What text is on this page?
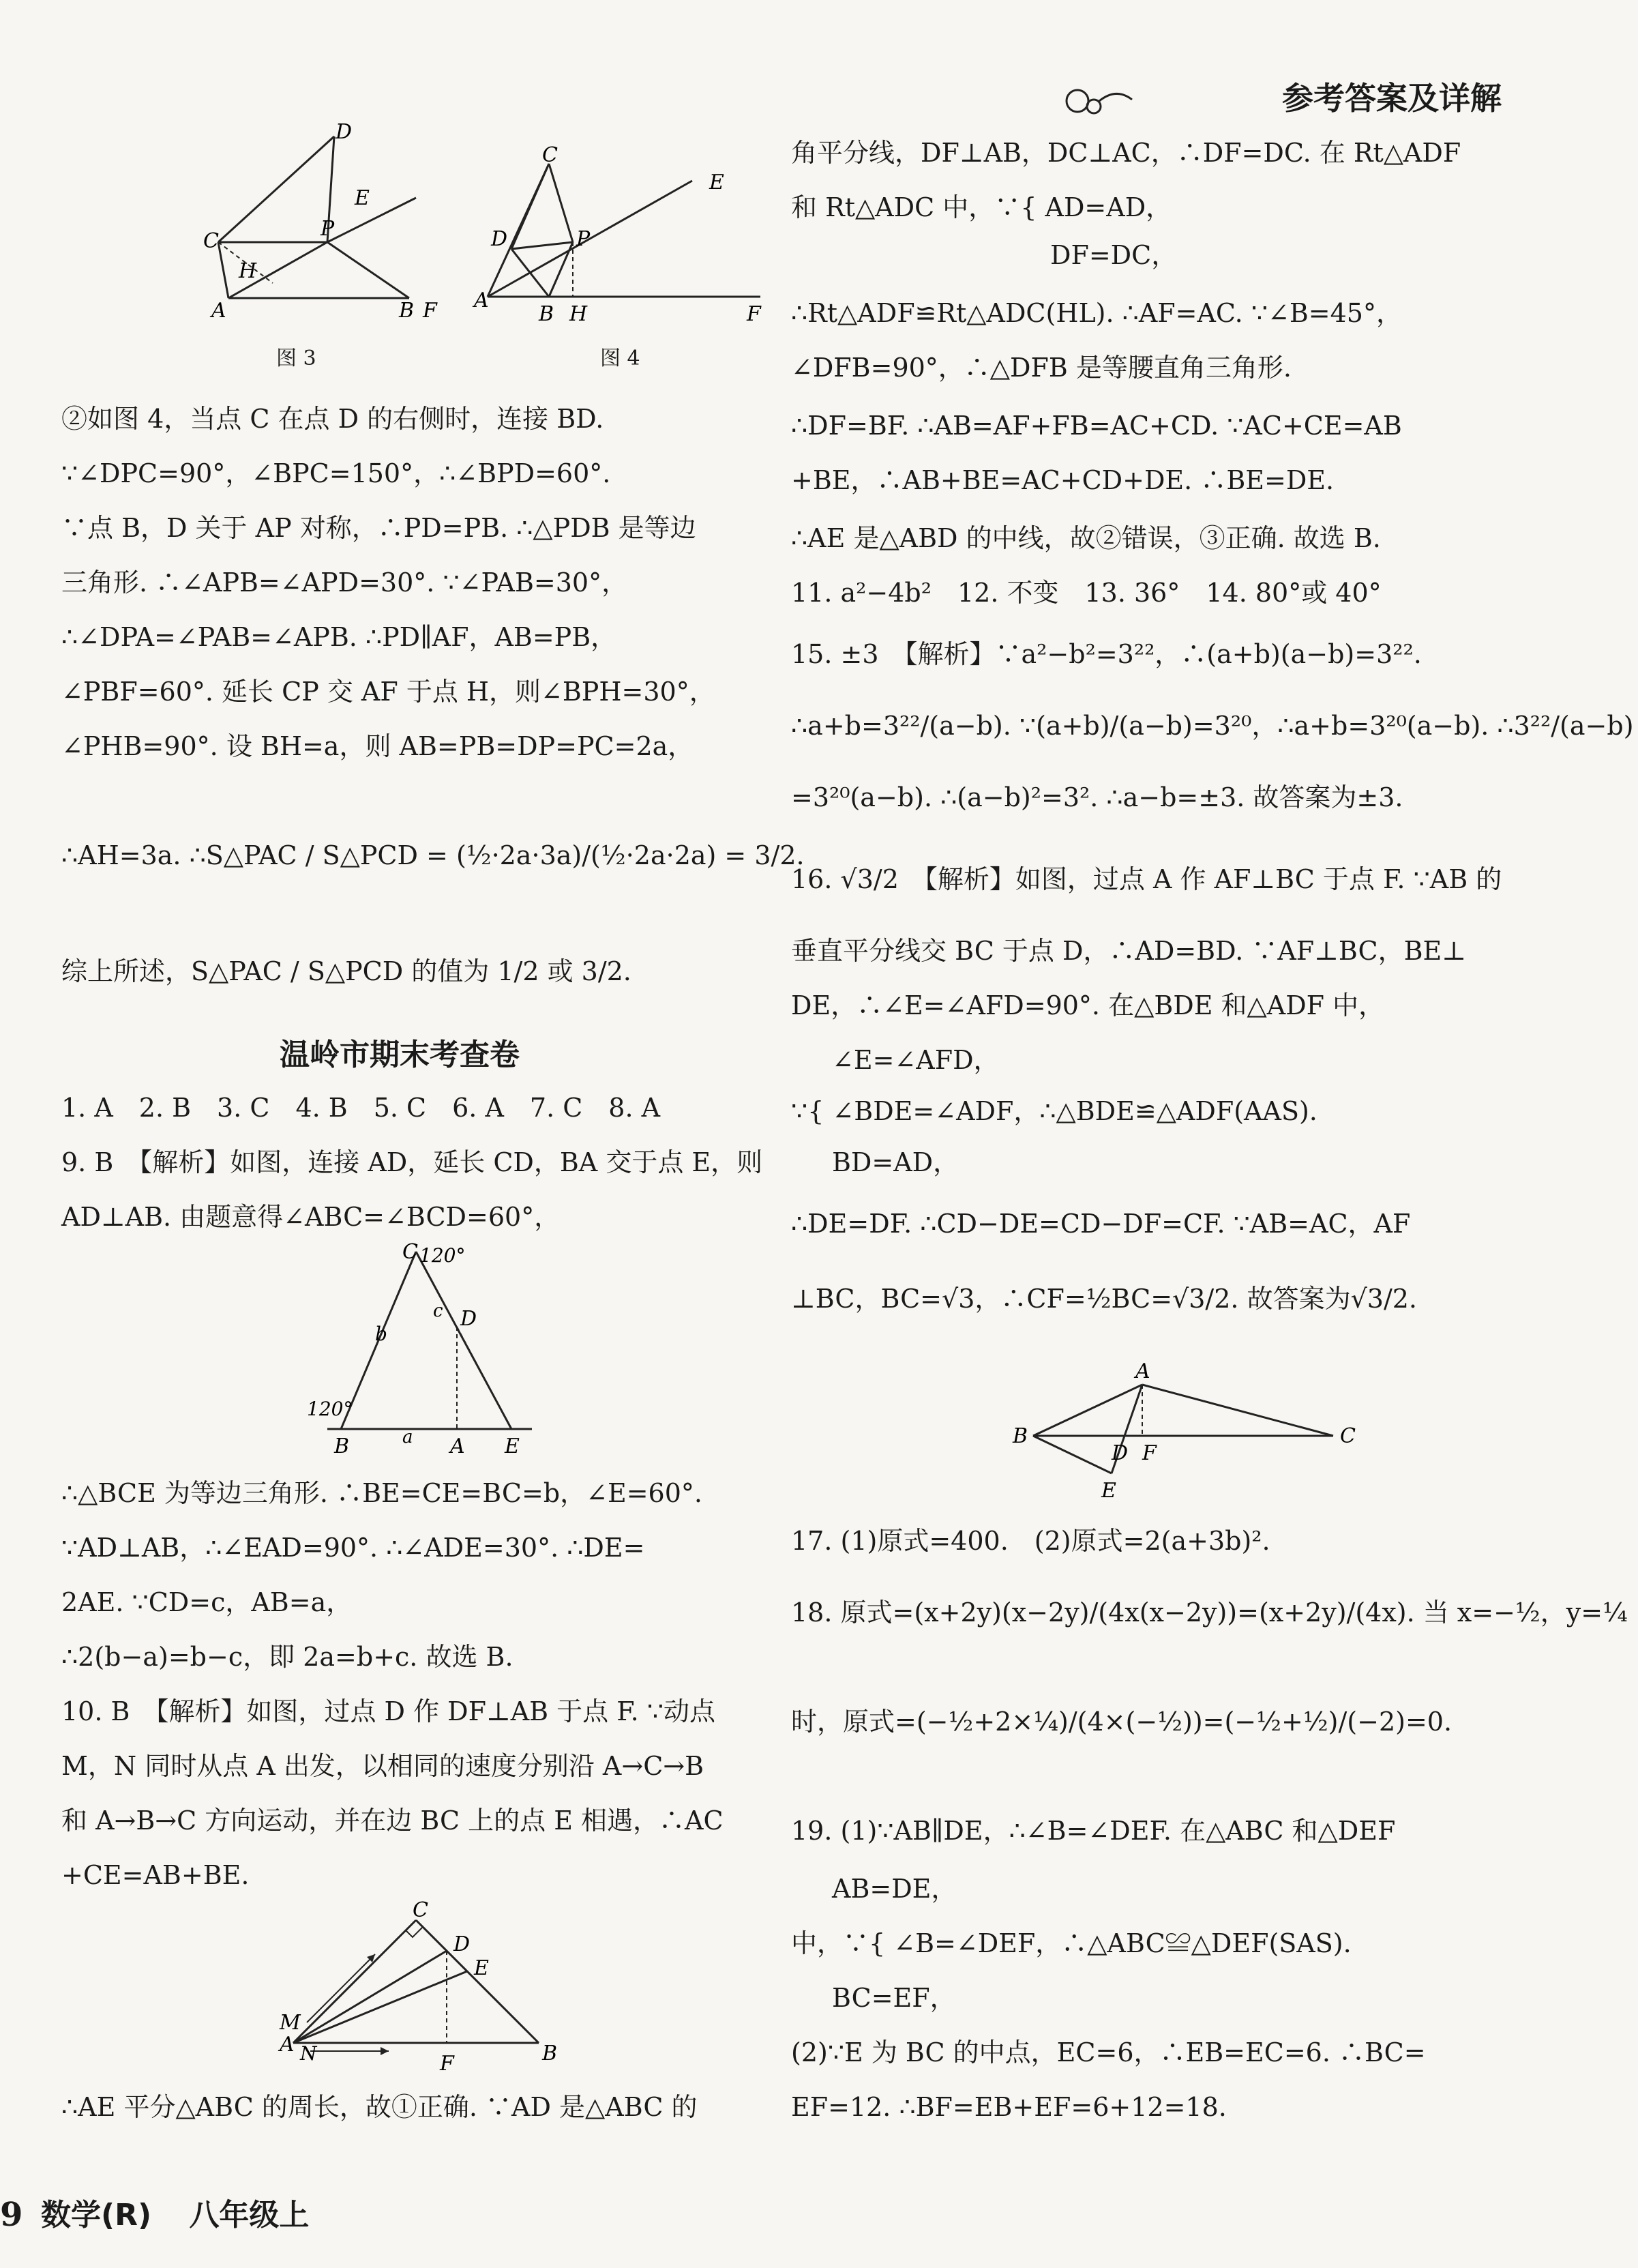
参考答案及详解
D
C
P
E
H
A	B F
图 3
C
E
D	P
A
B H	F
图 4
②如图 4，当点 C 在点 D 的右侧时，连接 BD.
∵∠DPC=90°，∠BPC=150°，∴∠BPD=60°.
∵点 B，D 关于 AP 对称，∴PD=PB. ∴△PDB 是等边
三角形. ∴∠APB=∠APD=30°. ∵∠PAB=30°，
∴∠DPA=∠PAB=∠APB. ∴PD∥AF，AB=PB，
∠PBF=60°. 延长 CP 交 AF 于点 H，则∠BPH=30°，
∠PHB=90°. 设 BH=a，则 AB=PB=DP=PC=2a，
∴AH=3a. ∴S△PAC / S△PCD = (½·2a·3a)/(½·2a·2a) = 3/2.
综上所述，S△PAC / S△PCD 的值为 1/2 或 3/2.
温岭市期末考查卷
1. A　2. B　3. C　4. B　5. C　6. A　7. C　8. A
9. B　【解析】如图，连接 AD，延长 CD，BA 交于点 E，则
AD⊥AB. 由题意得∠ABC=∠BCD=60°，
C 120°
c D
b
120°
B	a A E
∴△BCE 为等边三角形. ∴BE=CE=BC=b，∠E=60°.
∵AD⊥AB，∴∠EAD=90°. ∴∠ADE=30°. ∴DE=
2AE. ∵CD=c，AB=a，
∴2(b−a)=b−c，即 2a=b+c. 故选 B.
10. B　【解析】如图，过点 D 作 DF⊥AB 于点 F. ∵动点
M，N 同时从点 A 出发，以相同的速度分别沿 A→C→B
和 A→B→C 方向运动，并在边 BC 上的点 E 相遇，∴AC
+CE=AB+BE.
C
D
E
M
A N	F	B
∴AE 平分△ABC 的周长，故①正确. ∵AD 是△ABC 的
角平分线，DF⊥AB，DC⊥AC，∴DF=DC. 在 Rt△ADF
和 Rt△ADC 中，∵{ AD=AD，
DF=DC，
∴Rt△ADF≌Rt△ADC(HL). ∴AF=AC. ∵∠B=45°，
∠DFB=90°，∴△DFB 是等腰直角三角形.
∴DF=BF. ∴AB=AF+FB=AC+CD. ∵AC+CE=AB
+BE，∴AB+BE=AC+CD+DE. ∴BE=DE.
∴AE 是△ABD 的中线，故②错误，③正确. 故选 B.
11. a²−4b²　12. 不变　13. 36°　14. 80°或 40°
15. ±3　【解析】∵a²−b²=3²²，∴(a+b)(a−b)=3²².
∴a+b=3²²/(a−b). ∵(a+b)/(a−b)=3²⁰，∴a+b=3²⁰(a−b). ∴3²²/(a−b)
=3²⁰(a−b). ∴(a−b)²=3². ∴a−b=±3. 故答案为±3.
16. √3/2　【解析】如图，过点 A 作 AF⊥BC 于点 F. ∵AB 的
垂直平分线交 BC 于点 D，∴AD=BD. ∵AF⊥BC，BE⊥
DE，∴∠E=∠AFD=90°. 在△BDE 和△ADF 中，
∠E=∠AFD，
∵{ ∠BDE=∠ADF，∴△BDE≌△ADF(AAS).
BD=AD，
∴DE=DF. ∴CD−DE=CD−DF=CF. ∵AB=AC，AF
⊥BC，BC=√3，∴CF=½BC=√3/2. 故答案为√3/2.
A
B	C
D F
E
17. (1)原式=400.　(2)原式=2(a+3b)².
18. 原式=(x+2y)(x−2y)/(4x(x−2y))=(x+2y)/(4x). 当 x=−½，y=¼
时，原式=(−½+2×¼)/(4×(−½))=(−½+½)/(−2)=0.
19. (1)∵AB∥DE，∴∠B=∠DEF. 在△ABC 和△DEF
AB=DE，
中，∵{ ∠B=∠DEF，∴△ABC≌△DEF(SAS).
BC=EF，
(2)∵E 为 BC 的中点，EC=6，∴EB=EC=6. ∴BC=
EF=12. ∴BF=EB+EF=6+12=18.
9 数学(R) 八年级上
